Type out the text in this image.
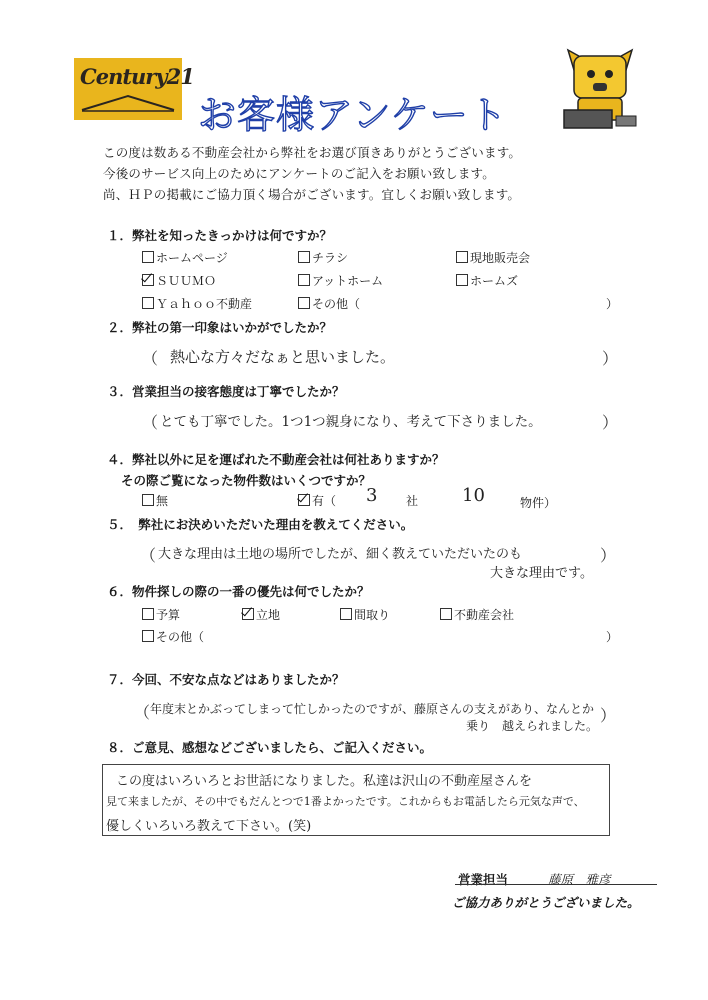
Century21
お客様アンケート
この度は数ある不動産会社から弊社をお選び頂きありがとうございます。
今後のサービス向上のためにアンケートのご記入をお願い致します。
尚、ＨＰの掲載にご協力頂く場合がございます。宜しくお願い致します。
１．弊社を知ったきっかけは何ですか？
ホームページ	チラシ	現地販売会
ＳＵＵＭＯ	アットホーム	ホームズ
Ｙａｈｏｏ不動産	その他（	）
２．弊社の第一印象はいかがでしたか？
（ 熱心な方々だなぁと思いました。	）
３．営業担当の接客態度は丁寧でしたか？
（ とても丁寧でした。1つ1つ親身になり、考えて下さりました。	）
４．弊社以外に足を運ばれた不動産会社は何社ありますか？
その際ご覧になった物件数はいくつですか？
無	有（ 3 社 10	物件）
５．　弊社にお決めいただいた理由を教えてください。
（ 大きな理由は土地の場所でしたが、細く教えていただいたのも
大きな理由です。
）
６．物件探しの際の一番の優先は何でしたか？
予算	立地	間取り	不動産会社
その他（	）
７．今回、不安な点などはありましたか？
（ 年度末とかぶってしまって忙しかったのですが、藤原さんの支えがあり、なんとか
乗り　越えられました。
）
８．ご意見、感想などございましたら、ご記入ください。
この度はいろいろとお世話になりました。私達は沢山の不動産屋さんを
見て来ましたが、その中でもだんとつで1番よかったです。これからもお電話したら元気な声で、
優しくいろいろ教えて下さい。(笑)
営業担当	藤原　雅彦
ご協力ありがとうございました。
